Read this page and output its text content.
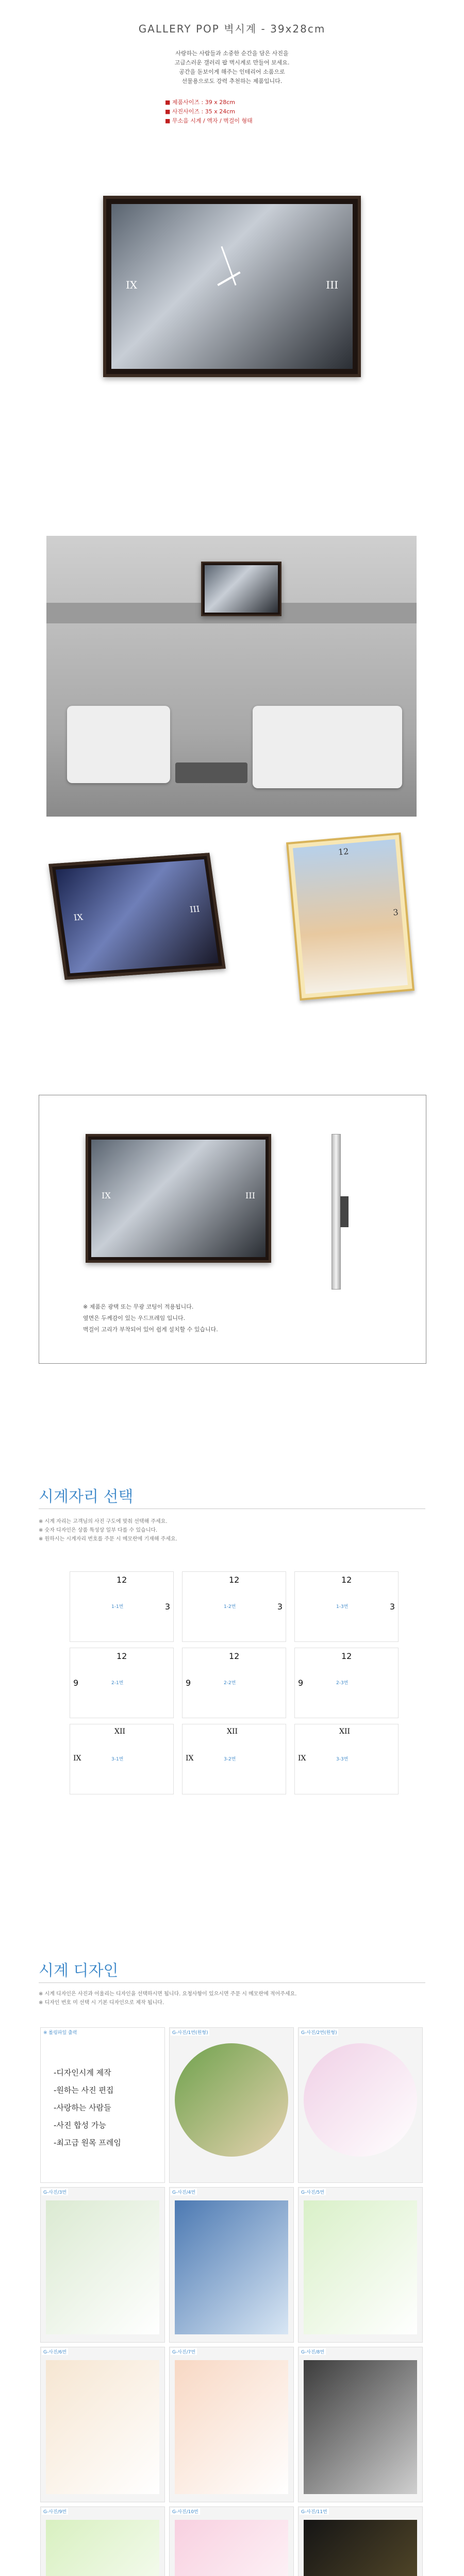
GALLERY POP 벽시계 - 39x28cm
사랑하는 사람들과 소중한 순간을 담은 사진을
고급스러운 갤러리 팝 벽시계로 만들어 보세요.
공간을 돋보이게 해주는 인테리어 소품으로
선물용으로도 강력 추천하는 제품입니다.
■ 제품사이즈 : 39 x 28cm
■ 사진사이즈 : 35 x 24cm
■ 무소음 시계 / 액자 / 벽걸이 형태
IX	III
IX
III
12
3
IX	III
※ 제품은 광택 또는 무광 코팅이 적용됩니다.
옆면은 두께감이 있는 우드프레임 입니다.
벽걸이 고리가 부착되어 있어 쉽게 설치할 수 있습니다.
시계자리 선택
※ 시계 자리는 고객님의 사진 구도에 맞춰 선택해 주세요.
※ 숫자 디자인은 상품 특성상 일부 다를 수 있습니다.
※ 원하시는 시계자리 번호를 주문 시 메모란에 기재해 주세요.
1-1번
12
3	1-2번
12
3	1-3번
12
3
2-1번
12
9	2-2번
12
9	2-3번
12
9
3-1번
XII
IX	3-2번
XII
IX	3-3번
XII
IX
시계 디자인
※ 시계 디자인은 사진과 어울리는 디자인을 선택하시면 됩니다. 요청사항이 있으시면 주문 시 메모란에 적어주세요.
※ 디자인 번호 미 선택 시 기본 디자인으로 제작 됩니다.
※ 롤링파일 출력
-디자인시계 제작
-원하는 사진 편집
-사랑하는 사람들
-사진 합성 가능
-최고급 원목 프레임
G-사진/1번(원형)	G-사진/2번(원형)
G-사진/3번	G-사진/4번	G-사진/5번
G-사진/6번	G-사진/7번	G-사진/8번
G-사진/9번	G-사진/10번	G-사진/11번
